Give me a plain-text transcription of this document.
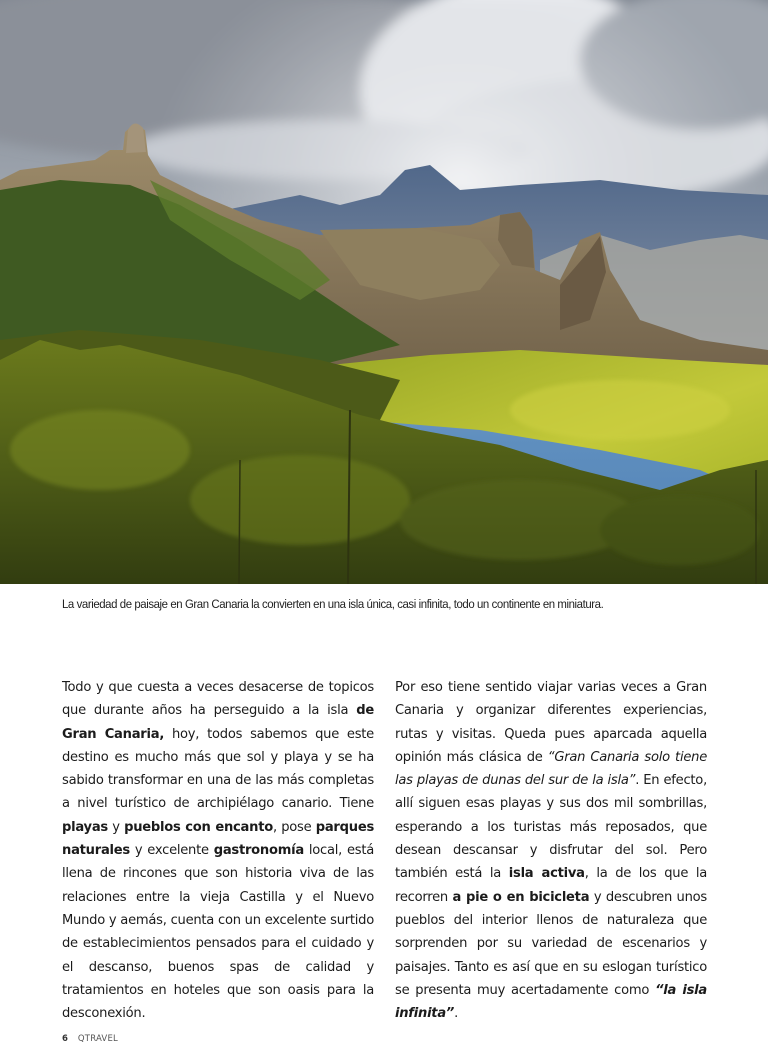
La variedad de paisaje en Gran Canaria la convierten en una isla única, casi infinita, todo un continente en miniatura.
Todo y que cuesta a veces desacerse de topicos que durante años ha perseguido a la isla de Gran Canaria, hoy, todos sabemos que este destino es mucho más que sol y playa y se ha sabido transformar en una de las más completas a nivel turístico de archipiélago canario. Tiene playas y pueblos con encanto, pose parques naturales y excelente gastronomía local, está llena de rincones que son historia viva de las relaciones entre la vieja Castilla y el Nuevo Mundo y aemás, cuenta con un excelente surtido de establecimientos pensados para el cuidado y el descanso, buenos spas de calidad y tratamientos en hoteles que son oasis para la desconexión.
Por eso tiene sentido viajar varias veces a Gran Canaria y organizar diferentes experiencias, rutas y visitas. Queda pues aparcada aquella opinión más clásica de “Gran Canaria solo tiene las playas de dunas del sur de la isla”. En efecto, allí siguen esas playas y sus dos mil sombrillas, esperando a los turistas más reposados, que desean descansar y disfrutar del sol. Pero también está la isla activa, la de los que la recorren a pie o en bicicleta y descubren unos pueblos del interior llenos de naturaleza que sorprenden por su variedad de escenarios y paisajes. Tanto es así que en su eslogan turístico se presenta muy acertadamente como “la isla infinita”.
6 QTRAVEL
